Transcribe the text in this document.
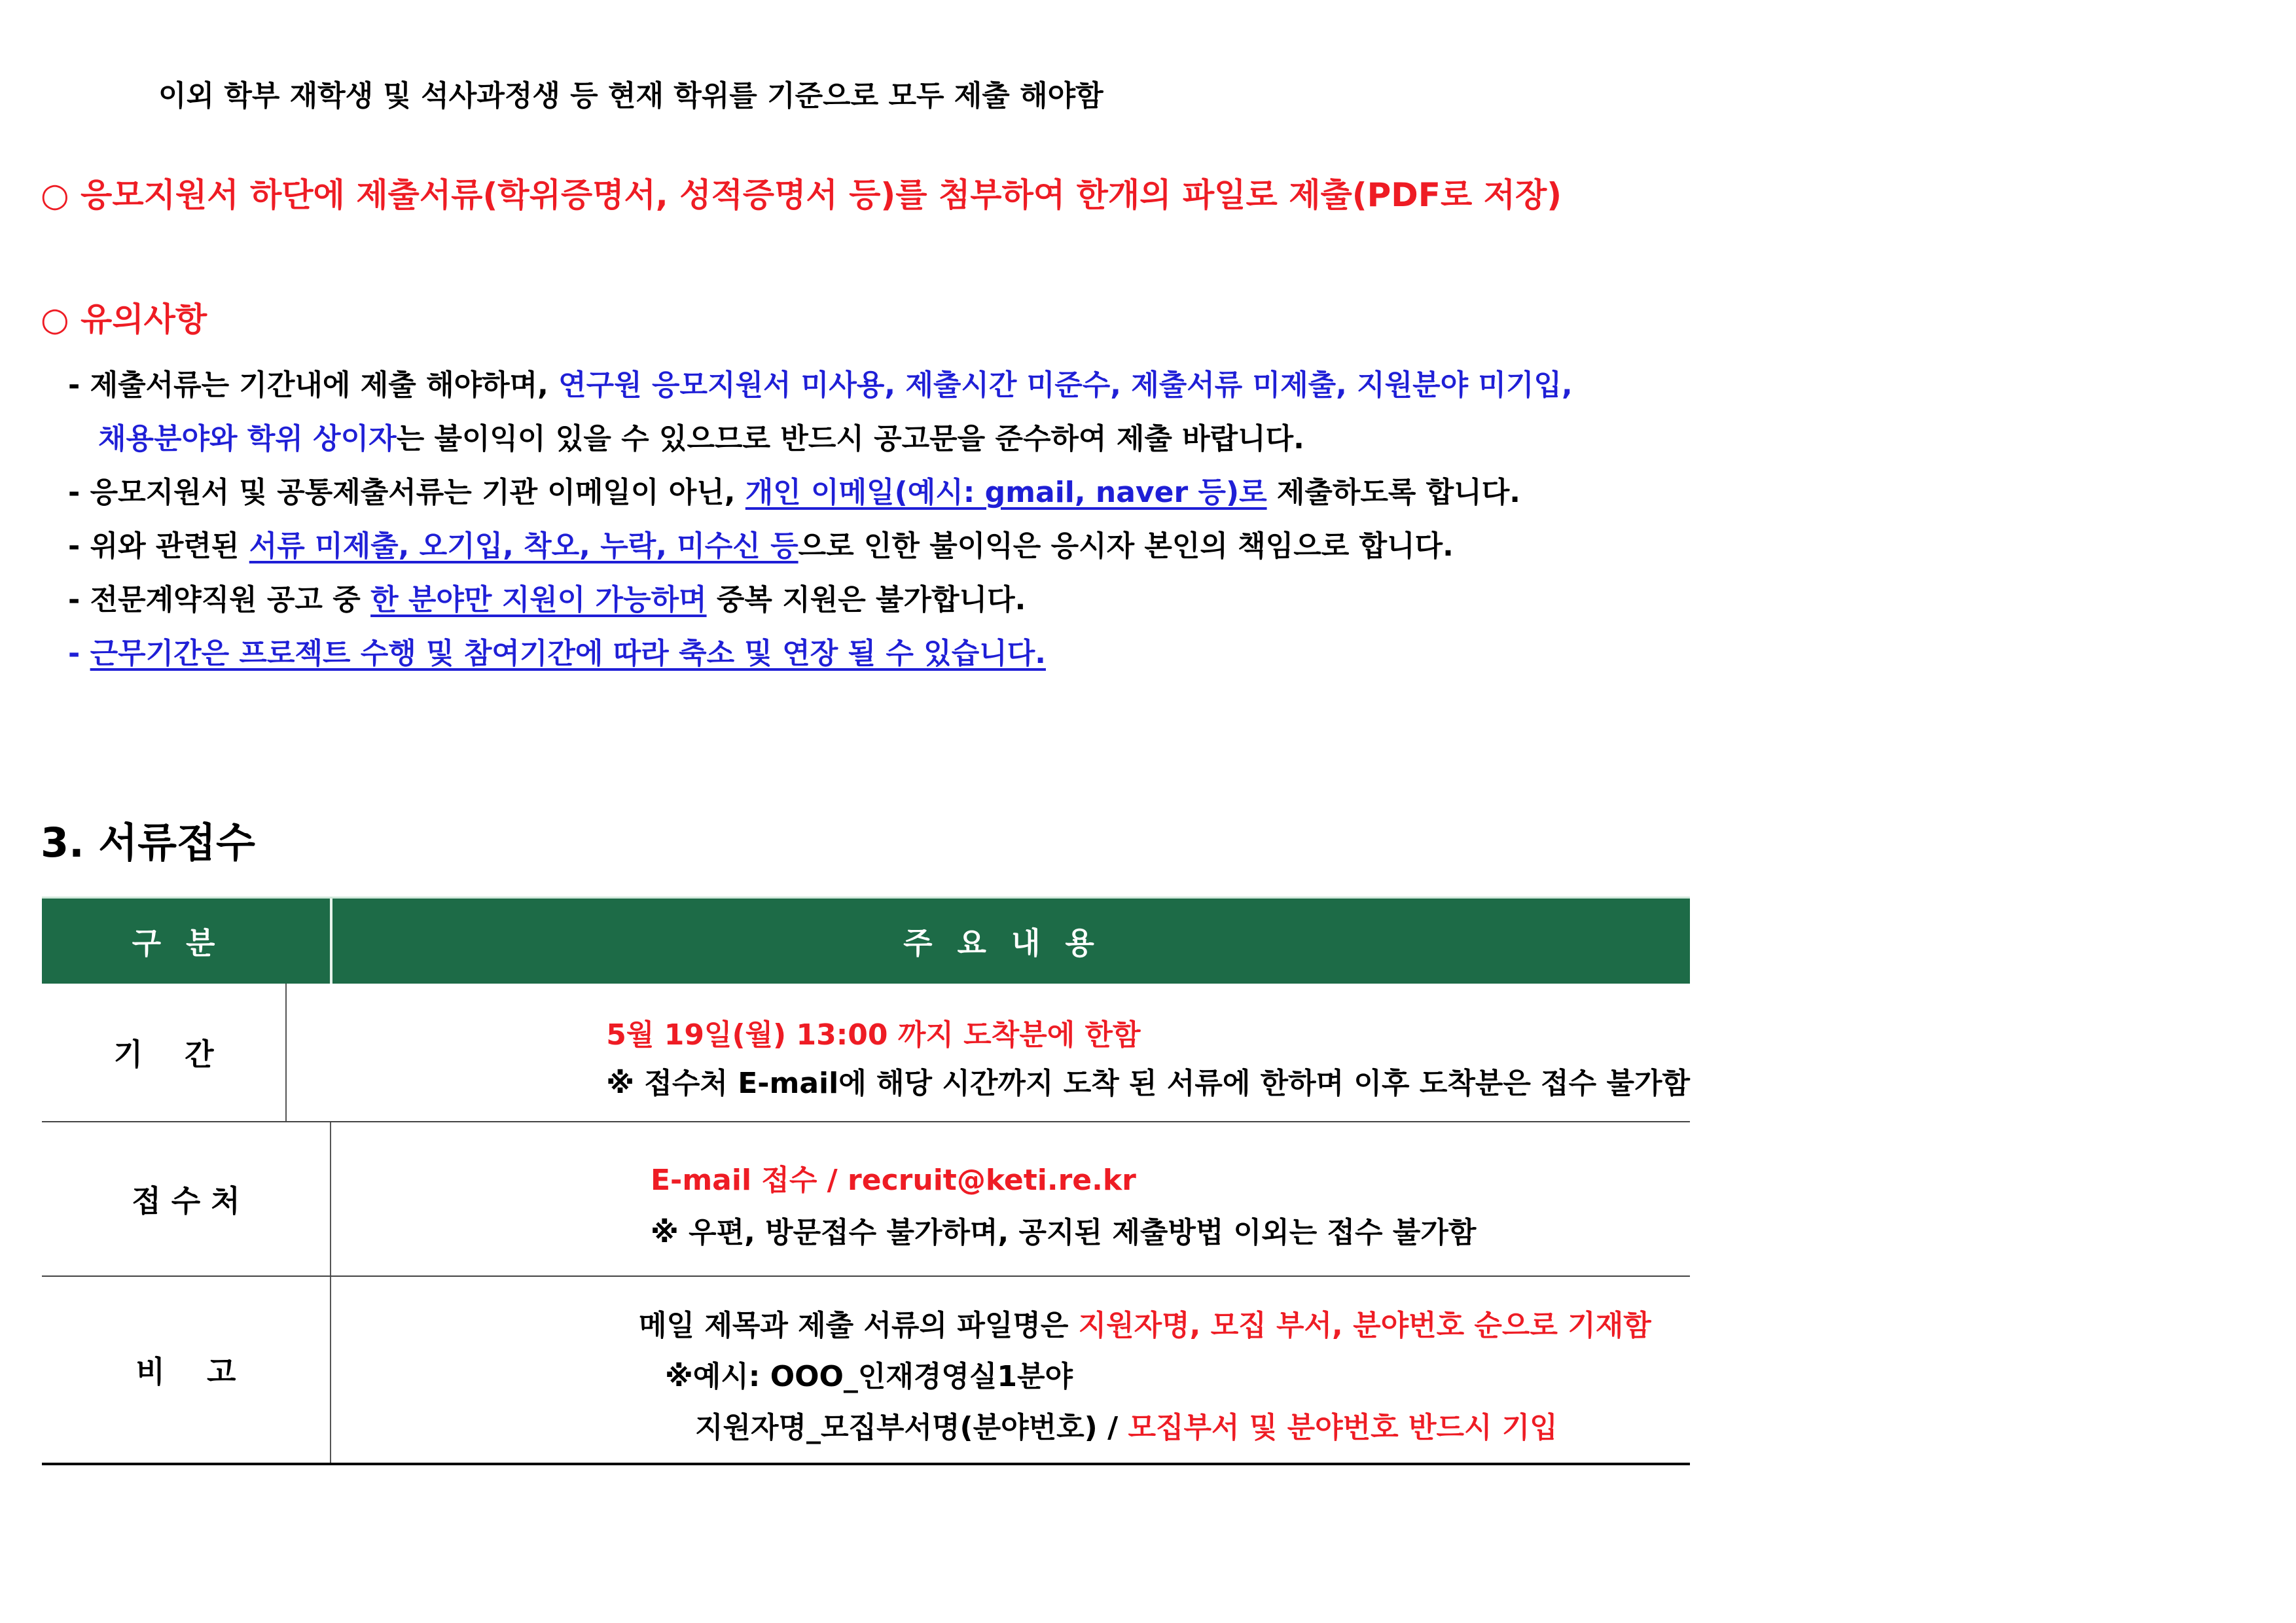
이외 학부 재학생 및 석사과정생 등 현재 학위를 기준으로 모두 제출 해야함
○ 응모지원서 하단에 제출서류(학위증명서, 성적증명서 등)를 첨부하여 한개의 파일로 제출(PDF로 저장)
○ 유의사항
- 제출서류는 기간내에 제출 해야하며, 연구원 응모지원서 미사용, 제출시간 미준수, 제출서류 미제출, 지원분야 미기입,
채용분야와 학위 상이자는 불이익이 있을 수 있으므로 반드시 공고문을 준수하여 제출 바랍니다.
- 응모지원서 및 공통제출서류는 기관 이메일이 아닌, 개인 이메일(예시: gmail, naver 등)로 제출하도록 합니다.
- 위와 관련된 서류 미제출, 오기입, 착오, 누락, 미수신 등으로 인한 불이익은 응시자 본인의 책임으로 합니다.
- 전문계약직원 공고 중 한 분야만 지원이 가능하며 중복 지원은 불가합니다.
- 근무기간은 프로젝트 수행 및 참여기간에 따라 축소 및 연장 될 수 있습니다.
3. 서류접수
구분	주요내용
기    간
5월 19일(월) 13:00 까지 도착분에 한함
※ 접수처 E-mail에 해당 시간까지 도착 된 서류에 한하며 이후 도착분은 접수 불가함
접 수 처
E-mail 접수 / recruit@keti.re.kr
※ 우편, 방문접수 불가하며, 공지된 제출방법 이외는 접수 불가함
비    고
메일 제목과 제출 서류의 파일명은 지원자명, 모집 부서, 분야번호 순으로 기재함
※예시: OOO_인재경영실1분야
지원자명_모집부서명(분야번호) / 모집부서 및 분야번호 반드시 기입
